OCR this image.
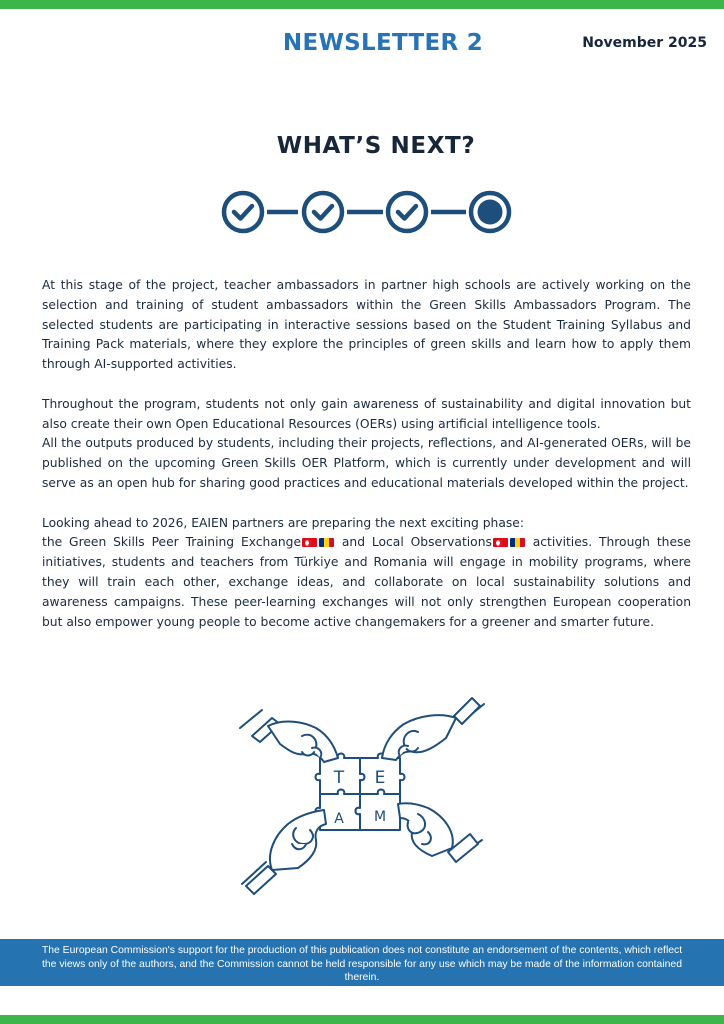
NEWSLETTER 2	November 2025
WHAT’S NEXT?

At this stage of the project, teacher ambassadors in partner high schools are actively working on the selection and training of student ambassadors within the Green Skills Ambassadors Program. The selected students are participating in interactive sessions based on the Student Training Syllabus and Training Pack materials, where they explore the principles of green skills and learn how to apply them through AI-supported activities.

Throughout the program, students not only gain awareness of sustainability and digital innovation but also create their own Open Educational Resources (OERs) using artificial intelligence tools.

All the outputs produced by students, including their projects, reflections, and AI-generated OERs, will be published on the upcoming Green Skills OER Platform, which is currently under development and will serve as an open hub for sharing good practices and educational materials developed within the project.

Looking ahead to 2026, EAIEN partners are preparing the next exciting phase:

the Green Skills Peer Training Exchange	and Local Observations	activities. Through these initiatives, students and teachers from Türkiye and Romania will engage in mobility programs, where they will train each other, exchange ideas, and collaborate on local sustainability solutions and awareness campaigns. These peer-learning exchanges will not only strengthen European cooperation but also empower young people to become active changemakers for a greener and smarter future.

T E
A M
The European Commission's support for the production of this publication does not constitute an endorsement of the contents, which reflect the views only of the authors, and the Commission cannot be held responsible for any use which may be made of the information contained therein.
